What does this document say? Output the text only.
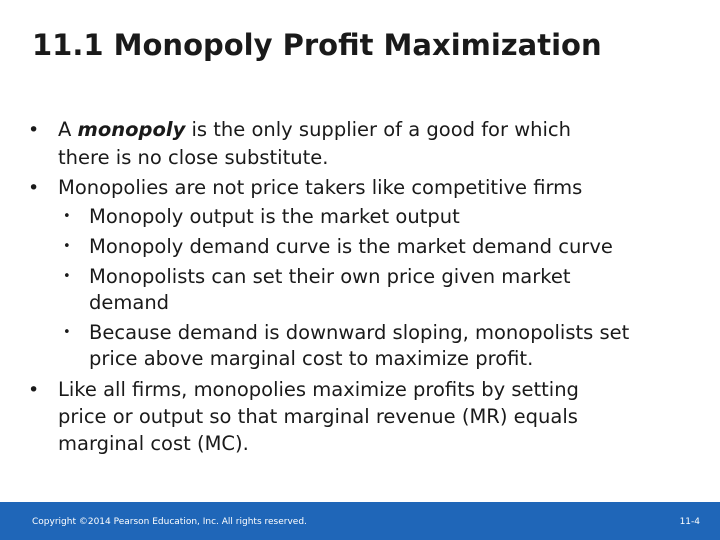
11.1 Monopoly Profit Maximization
• A monopoly is the only supplier of a good for which
there is no close substitute.
• Monopolies are not price takers like competitive firms
• Monopoly output is the market output
• Monopoly demand curve is the market demand curve
• Monopolists can set their own price given market
demand
• Because demand is downward sloping, monopolists set
price above marginal cost to maximize profit.
• Like all firms, monopolies maximize profits by setting
price or output so that marginal revenue (MR) equals
marginal cost (MC).
Copyright ©2014 Pearson Education, Inc. All rights reserved.	11-4
